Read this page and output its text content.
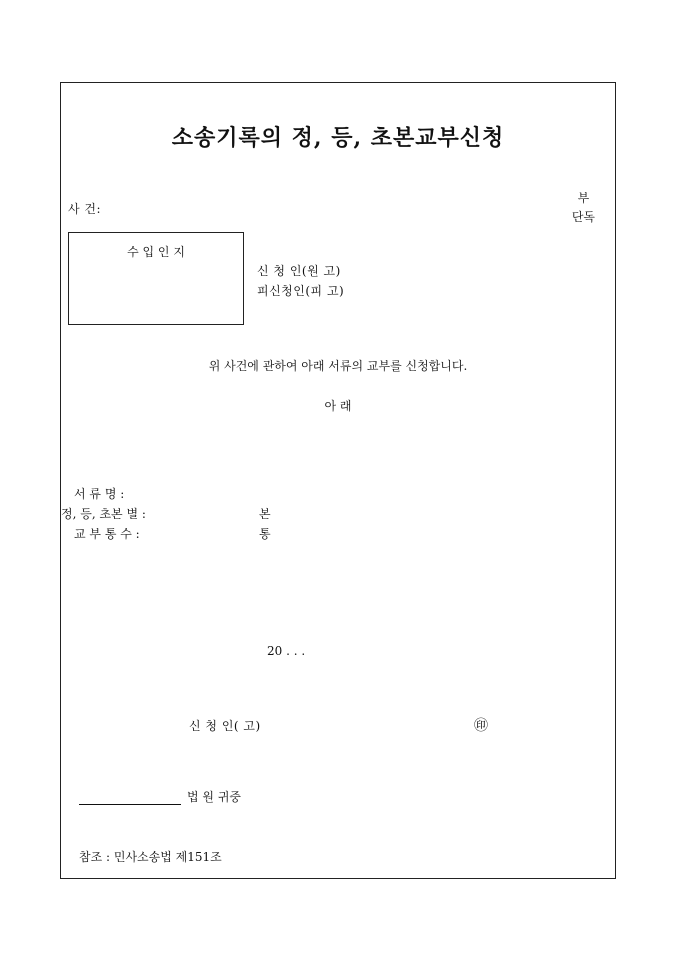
소송기록의 정, 등, 초본교부신청
부
단독
사 건:
수 입 인 지
신 청 인(원 고)
피신청인(피 고)
위 사건에 관하여 아래 서류의 교부를 신청합니다.
아 래
서 류 명 :
정, 등, 초본 별 :	본
교 부 통 수 :	통
20 . . .
신 청 인( 고)	㊞
법 원 귀중
참조 : 민사소송법 제151조
